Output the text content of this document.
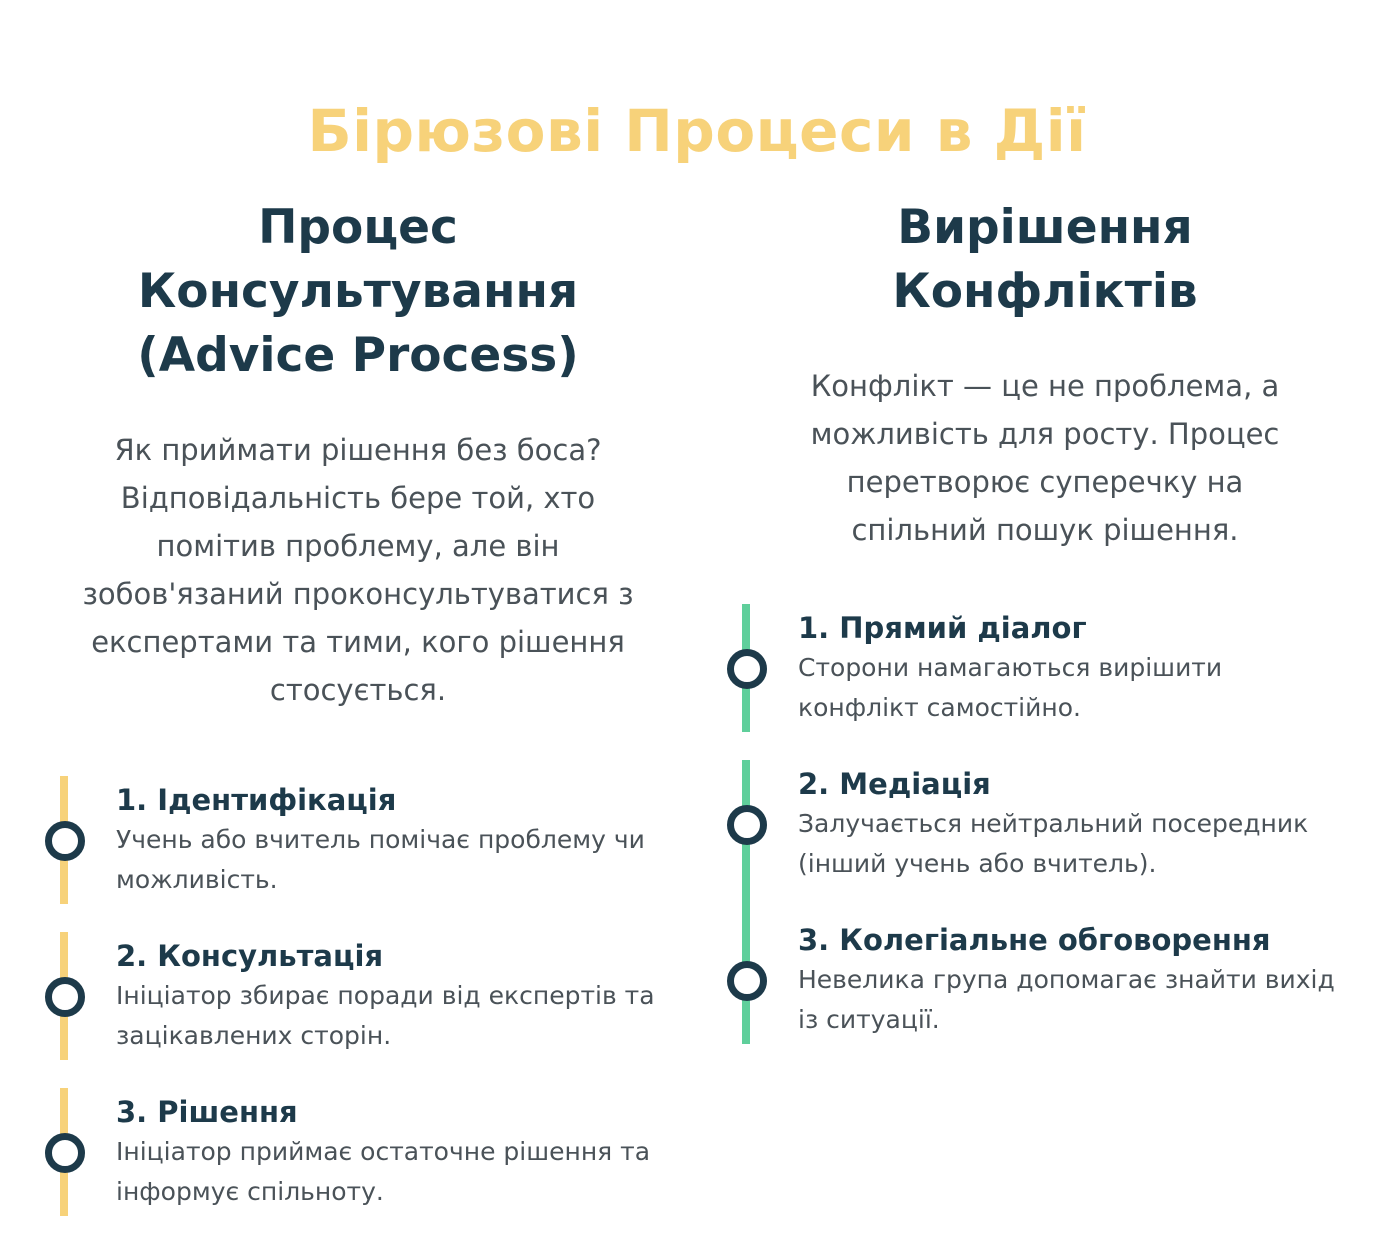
Бірюзові Процеси в Дії
Процес
Консультування
(Advice Process)

Як приймати рішення без боса? Відповідальність бере той, хто помітив проблему, але він зобов'язаний проконсультуватися з експертами та тими, кого рішення стосується.

1. Ідентифікація
Учень або вчитель помічає проблему чи можливість.
2. Консультація
Ініціатор збирає поради від експертів та зацікавлених сторін.
3. Рішення
Ініціатор приймає остаточне рішення та інформує спільноту.
Вирішення Конфліктів

Конфлікт — це не проблема, а можливість для росту. Процес перетворює суперечку на спільний пошук рішення.

1. Прямий діалог
Сторони намагаються вирішити конфлікт самостійно.
2. Медіація
Залучається нейтральний посередник (інший учень або вчитель).
3. Колегіальне обговорення
Невелика група допомагає знайти вихід із ситуації.
